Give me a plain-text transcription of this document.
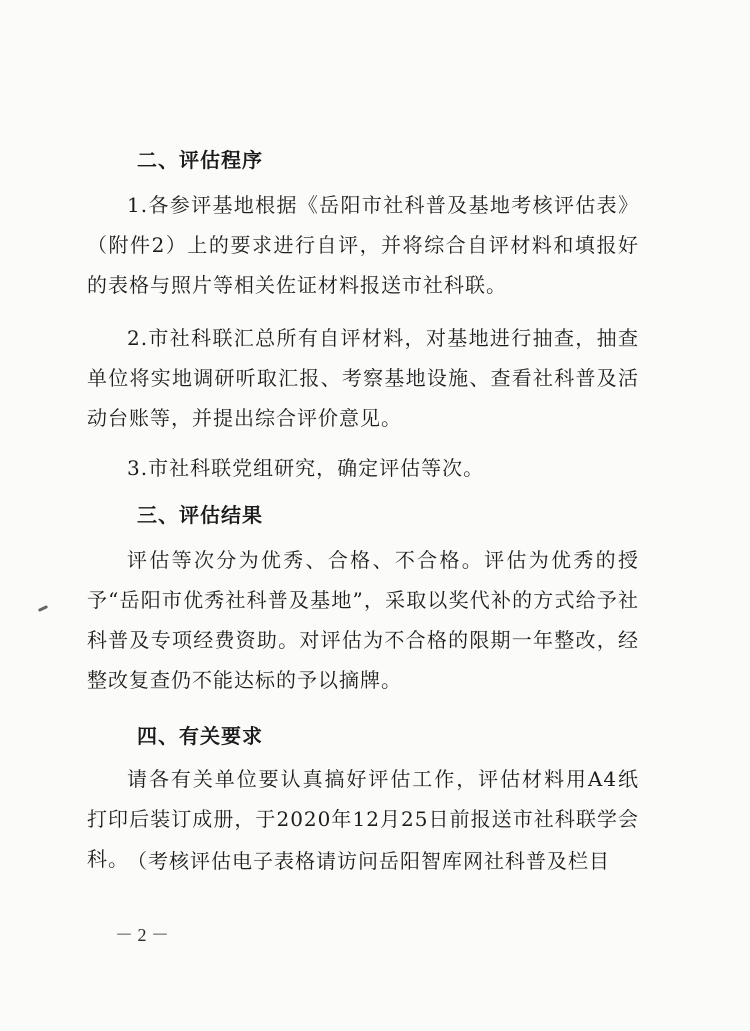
二、评估程序

1.各参评基地根据《岳阳市社科普及基地考核评估表》（附件2）上的要求进行自评，并将综合自评材料和填报好的表格与照片等相关佐证材料报送市社科联。

2.市社科联汇总所有自评材料，对基地进行抽查，抽查单位将实地调研听取汇报、考察基地设施、查看社科普及活动台账等，并提出综合评价意见。

3.市社科联党组研究，确定评估等次。

三、评估结果

评估等次分为优秀、合格、不合格。评估为优秀的授予“岳阳市优秀社科普及基地”，采取以奖代补的方式给予社科普及专项经费资助。对评估为不合格的限期一年整改，经整改复查仍不能达标的予以摘牌。

四、有关要求

请各有关单位要认真搞好评估工作，评估材料用A4纸打印后装订成册，于2020年12月25日前报送市社科联学会科。

（考核评估电子表格请访问岳阳智库网社科普及栏目

－ 2 －
